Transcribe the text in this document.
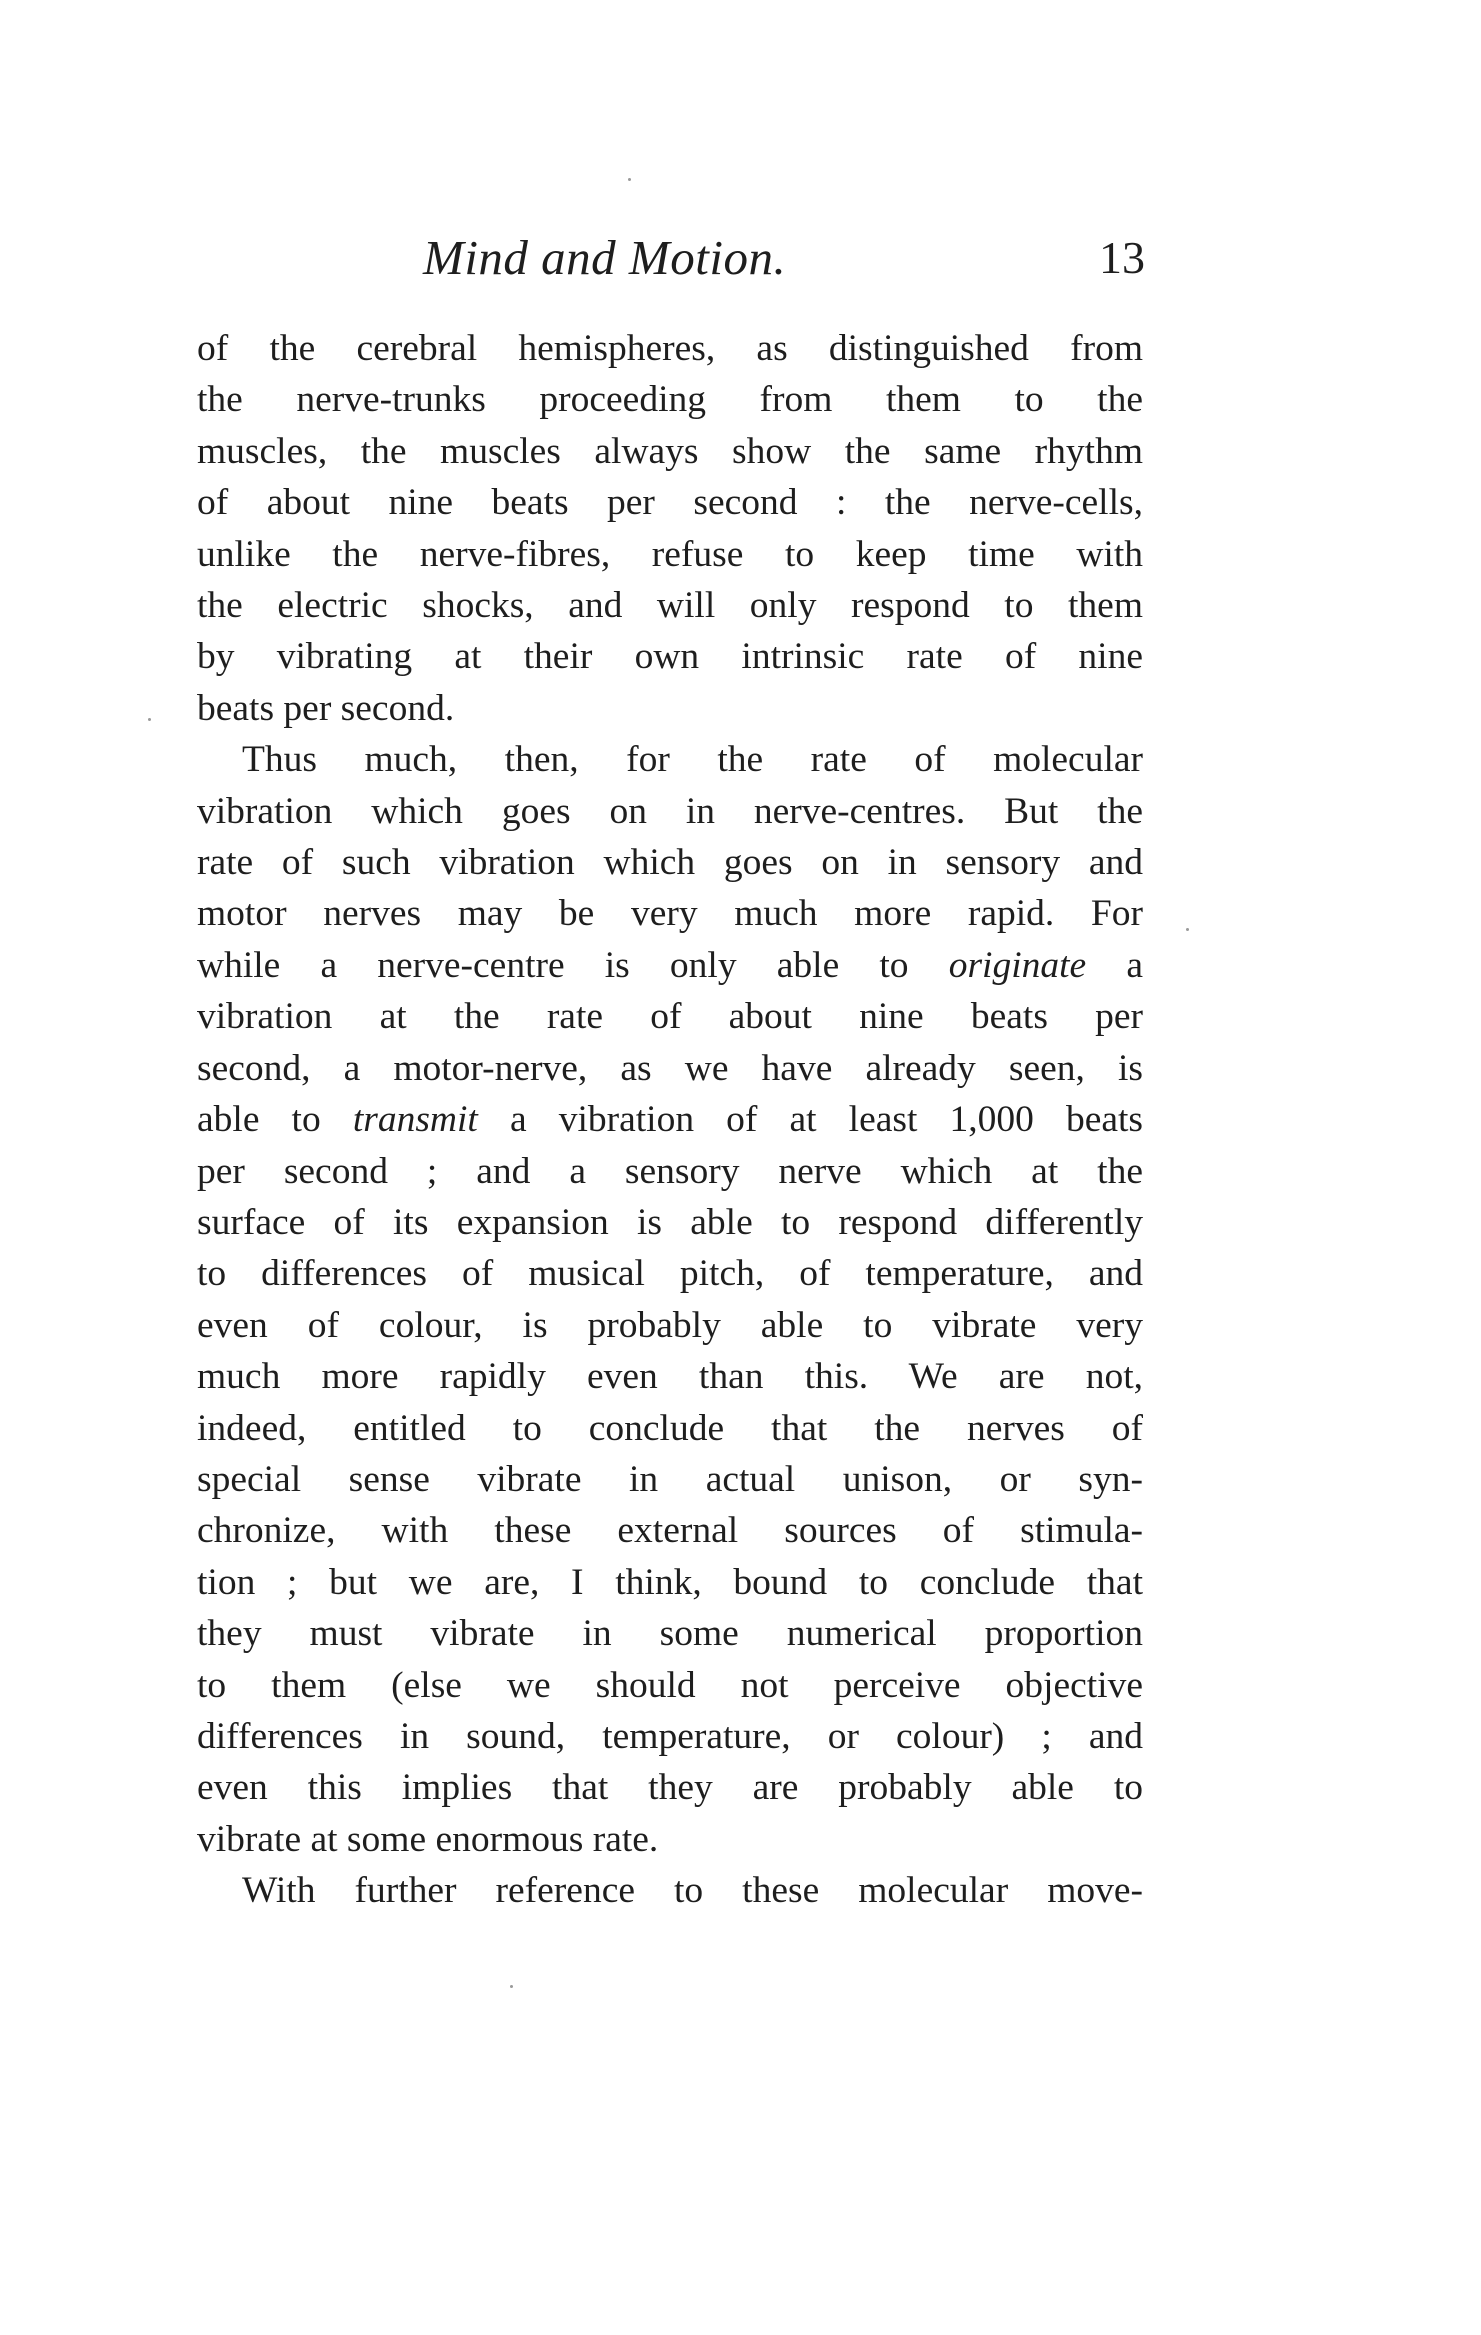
Mind and Motion.	13

of the cerebral hemispheres, as distinguished from

the nerve-trunks proceeding from them to the

muscles, the muscles always show the same rhythm

of about nine beats per second : the nerve-cells,

unlike the nerve-fibres, refuse to keep time with

the electric shocks, and will only respond to them

by vibrating at their own intrinsic rate of nine

beats per second.

Thus much, then, for the rate of molecular

vibration which goes on in nerve-centres. But the

rate of such vibration which goes on in sensory and

motor nerves may be very much more rapid. For

while a nerve-centre is only able to originate a

vibration at the rate of about nine beats per

second, a motor-nerve, as we have already seen, is

able to transmit a vibration of at least 1,000 beats

per second ; and a sensory nerve which at the

surface of its expansion is able to respond differently

to differences of musical pitch, of temperature, and

even of colour, is probably able to vibrate very

much more rapidly even than this. We are not,

indeed, entitled to conclude that the nerves of

special sense vibrate in actual unison, or syn-

chronize, with these external sources of stimula-

tion ; but we are, I think, bound to conclude that

they must vibrate in some numerical proportion

to them (else we should not perceive objective

differences in sound, temperature, or colour) ; and

even this implies that they are probably able to

vibrate at some enormous rate.

With further reference to these molecular move-
